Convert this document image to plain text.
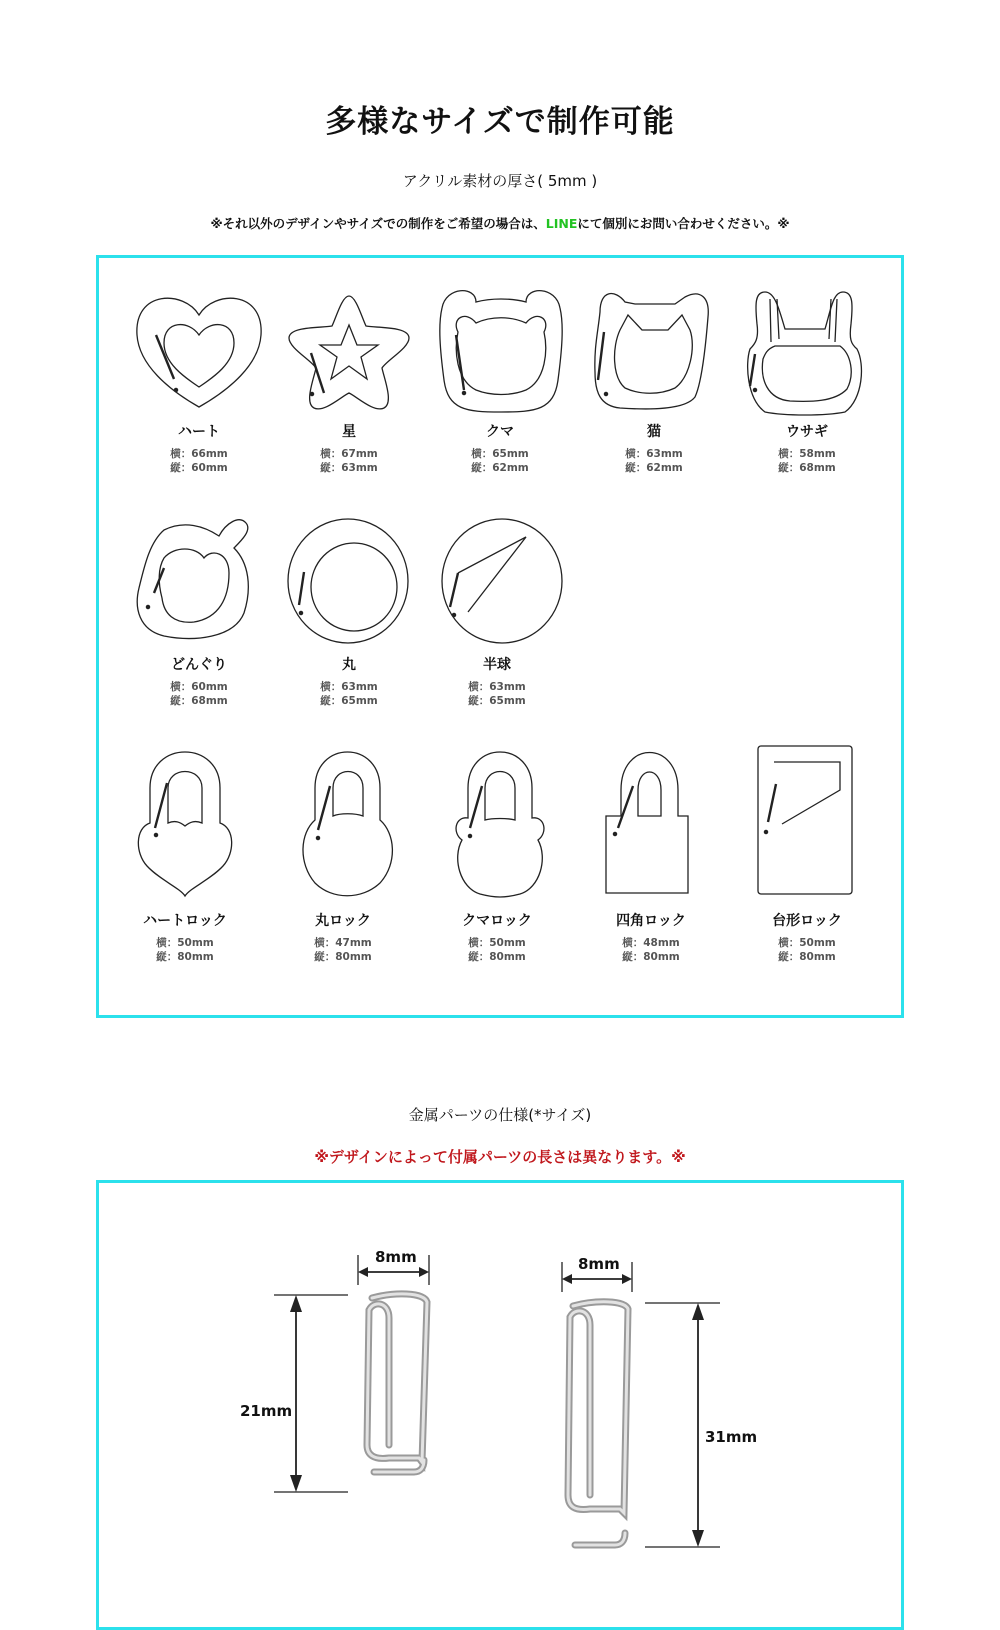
多様なサイズで制作可能
アクリル素材の厚さ( 5mm )
※それ以外のデザインやサイズでの制作をご希望の場合は、LINEにて個別にお問い合わせください。※
ハート
横：66mm
縦：60mm
星
横：67mm
縦：63mm
クマ
横：65mm
縦：62mm
猫
横：63mm
縦：62mm
ウサギ
横：58mm
縦：68mm
どんぐり
横：60mm
縦：68mm
丸
横：63mm
縦：65mm
半球
横：63mm
縦：65mm
ハートロック
横：50mm
縦：80mm
丸ロック
横：47mm
縦：80mm
クマロック
横：50mm
縦：80mm
四角ロック
横：48mm
縦：80mm
台形ロック
横：50mm
縦：80mm
金属パーツの仕様(*サイズ)
※デザインによって付属パーツの長さは異なります。※
8mm
21mm
8mm
31mm
